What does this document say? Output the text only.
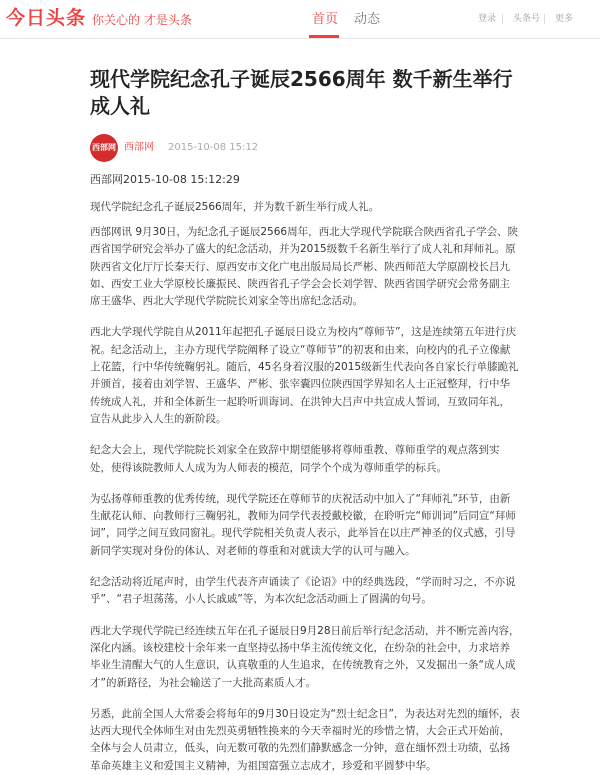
今日头条 你关心的 才是头条	首页 动态	登录 头条号 更多
现代学院纪念孔子诞辰2566周年 数千新生举行成人礼
西部网 西部网 2015-10-08 15:12
西部网2015-10-08 15:12:29
现代学院纪念孔子诞辰2566周年，并为数千新生举行成人礼。

西部网讯 9月30日，为纪念孔子诞辰2566周年，西北大学现代学院联合陕西省孔子学会、陕西省国学研究会举办了盛大的纪念活动，并为2015级数千名新生举行了成人礼和拜师礼。原陕西省文化厅厅长秦天行、原西安市文化广电出版局局长严彬、陕西师范大学原副校长吕九如、西安工业大学原校长廉振民、陕西省孔子学会会长刘学智、陕西省国学研究会常务副主席王盛华、西北大学现代学院院长刘家全等出席纪念活动。

西北大学现代学院自从2011年起把孔子诞辰日设立为校内“尊师节”，这是连续第五年进行庆祝。纪念活动上，主办方现代学院阐释了设立“尊师节”的初衷和由来，向校内的孔子立像献上花篮，行中华传统鞠躬礼。随后，45名身着汉服的2015级新生代表向各自家长行单膝跪礼并颁首，接着由刘学智、王盛华、严彬、张宰囊四位陕西国学界知名人士正冠整拜，行中华传统成人礼，并和全体新生一起聆听训诲词、在洪钟大吕声中共宣成人誓词，互致同年礼，宣告从此步入人生的新阶段。

纪念大会上，现代学院院长刘家全在致辞中期望能够将尊师重教、尊师重学的观点落到实处，使得该院教师人人成为为人师表的模范，同学个个成为尊师重学的标兵。

为弘扬尊师重教的优秀传统，现代学院还在尊师节的庆祝活动中加入了“拜师礼”环节，由新生献花认师、向教师行三鞠躬礼，教师为同学代表授戴校徽，在聆听完“师训词”后同宣“拜师词”，同学之间互致同窗礼。现代学院相关负责人表示，此举旨在以庄严神圣的仪式感，引导新同学实现对身份的体认、对老师的尊重和对就读大学的认可与融入。

纪念活动将近尾声时，由学生代表齐声诵读了《论语》中的经典选段，“学而时习之，不亦说乎”、“君子坦荡荡，小人长戚戚”等，为本次纪念活动画上了圆满的句号。

西北大学现代学院已经连续五年在孔子诞辰日9月28日前后举行纪念活动，并不断完善内容，深化内涵。该校建校十余年来一直坚持弘扬中华主流传统文化，在纷杂的社会中，力求培养毕业生清醒大气的人生意识，认真敬重的人生追求，在传统教育之外，又发掘出一条“成人成才”的新路径，为社会输送了一大批高素质人才。

另悉，此前全国人大常委会将每年的9月30日设定为“烈士纪念日”，为表达对先烈的缅怀，表达西大现代全体师生对由先烈英勇牺牲换来的今天幸福时光的珍惜之情，大会正式开始前，全体与会人员肃立，低头，向无数可敬的先烈们静默感念一分钟，意在缅怀烈士功绩，弘扬革命英雄主义和爱国主义精神，为祖国富强立志成才，珍爱和平圆梦中华。
